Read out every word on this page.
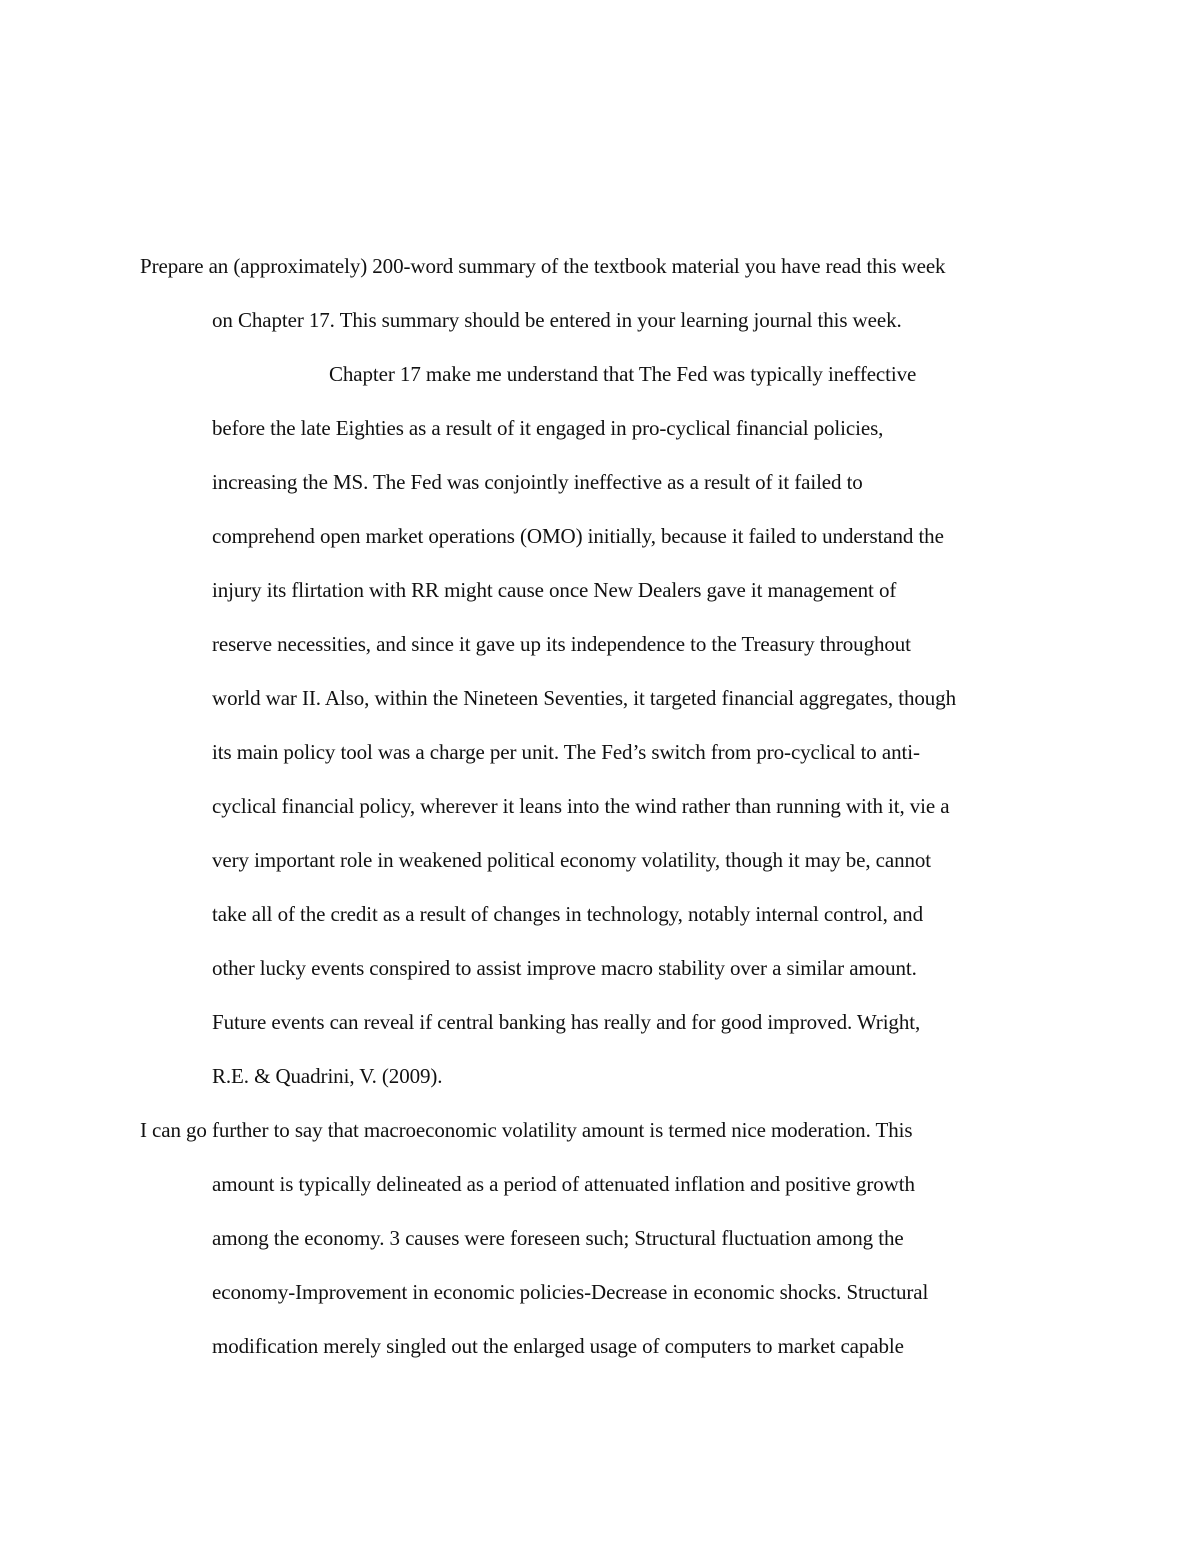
Prepare an (approximately) 200-word summary of the textbook material you have read this week
on Chapter 17. This summary should be entered in your learning journal this week.
Chapter 17 make me understand that The Fed was typically ineffective
before the late Eighties as a result of it engaged in pro-cyclical financial policies,
increasing the MS. The Fed was conjointly ineffective as a result of it failed to
comprehend open market operations (OMO) initially, because it failed to understand the
injury its flirtation with RR might cause once New Dealers gave it management of
reserve necessities, and since it gave up its independence to the Treasury throughout
world war II. Also, within the Nineteen Seventies, it targeted financial aggregates, though
its main policy tool was a charge per unit. The Fed’s switch from pro-cyclical to anti-
cyclical financial policy, wherever it leans into the wind rather than running with it, vie a
very important role in weakened political economy volatility, though it may be, cannot
take all of the credit as a result of changes in technology, notably internal control, and
other lucky events conspired to assist improve macro stability over a similar amount.
Future events can reveal if central banking has really and for good improved. Wright,
R.E. & Quadrini, V. (2009).
I can go further to say that macroeconomic volatility amount is termed nice moderation. This
amount is typically delineated as a period of attenuated inflation and positive growth
among the economy. 3 causes were foreseen such; Structural fluctuation among the
economy-Improvement in economic policies-Decrease in economic shocks. Structural
modification merely singled out the enlarged usage of computers to market capable
